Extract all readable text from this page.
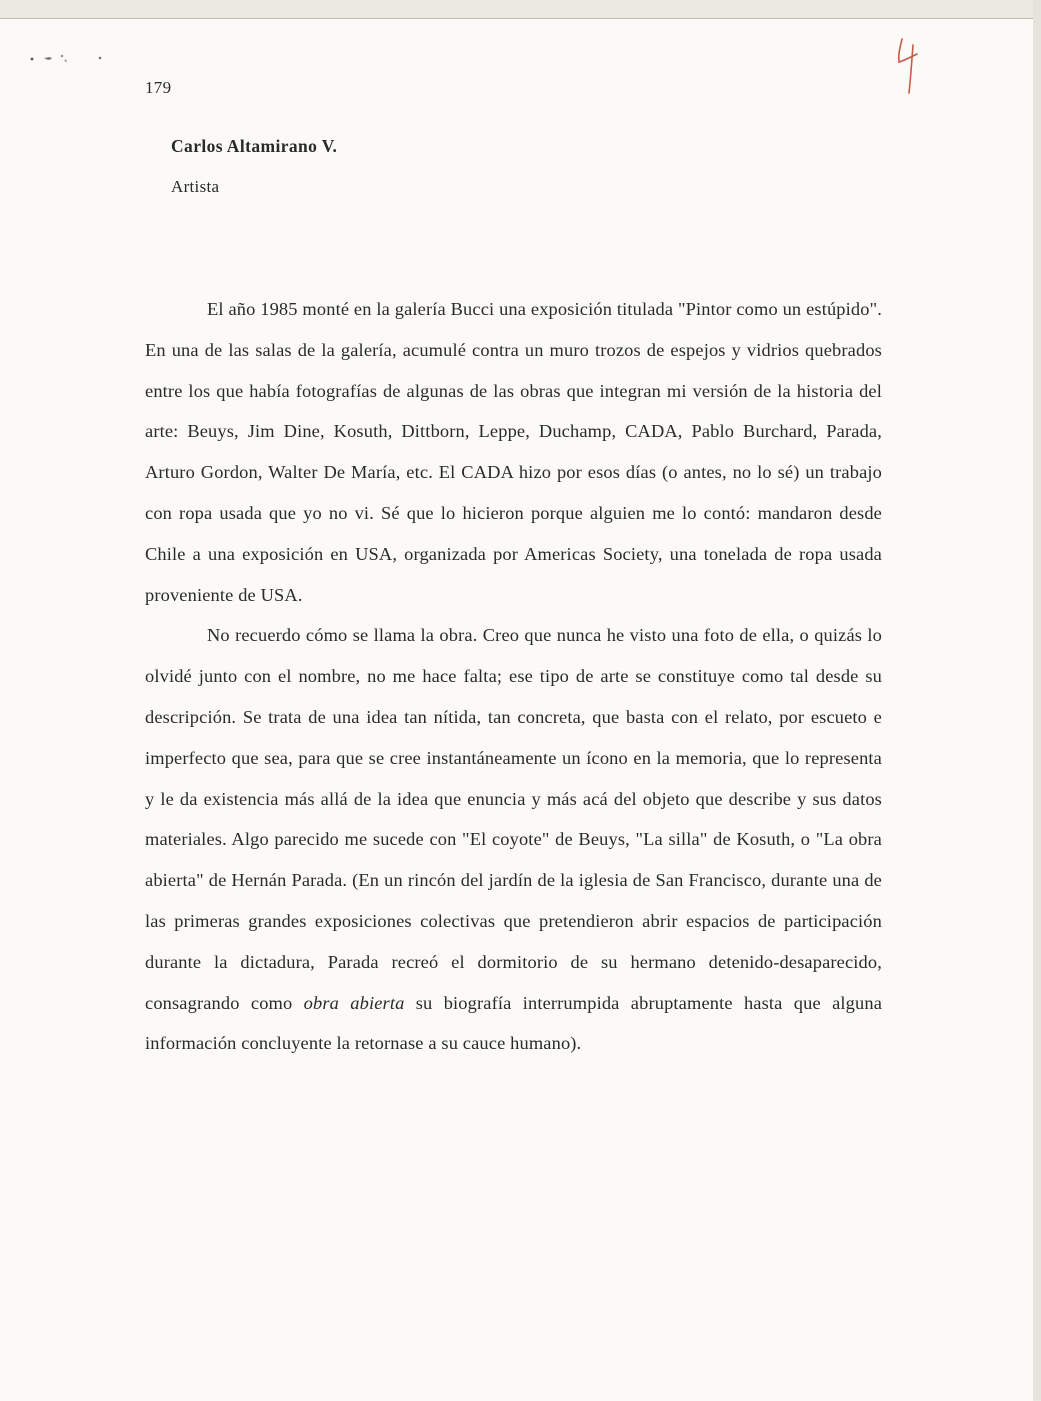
179
Carlos Altamirano V.
Artista

El año 1985 monté en la galería Bucci una exposición titulada "Pintor como un estúpido". En una de las salas de la galería, acumulé contra un muro trozos de espejos y vidrios quebrados entre los que había fotografías de algunas de las obras que integran mi versión de la historia del arte: Beuys, Jim Dine, Kosuth, Dittborn, Leppe, Duchamp, CADA, Pablo Burchard, Parada, Arturo Gordon, Walter De María, etc. El CADA hizo por esos días (o antes, no lo sé) un trabajo con ropa usada que yo no vi. Sé que lo hicieron porque alguien me lo contó: mandaron desde Chile a una exposición en USA, organizada por Americas Society, una tonelada de ropa usada proveniente de USA.

No recuerdo cómo se llama la obra. Creo que nunca he visto una foto de ella, o quizás lo olvidé junto con el nombre, no me hace falta; ese tipo de arte se constituye como tal desde su descripción. Se trata de una idea tan nítida, tan concreta, que basta con el relato, por escueto e imperfecto que sea, para que se cree instantáneamente un ícono en la memoria, que lo representa y le da existencia más allá de la idea que enuncia y más acá del objeto que describe y sus datos materiales. Algo parecido me sucede con "El coyote" de Beuys, "La silla" de Kosuth, o "La obra abierta" de Hernán Parada. (En un rincón del jardín de la iglesia de San Francisco, durante una de las primeras grandes exposiciones colectivas que pretendieron abrir espacios de participación durante la dictadura, Parada recreó el dormitorio de su hermano detenido-desaparecido, consagrando como obra abierta su biografía interrumpida abruptamente hasta que alguna información concluyente la retornase a su cauce humano).
